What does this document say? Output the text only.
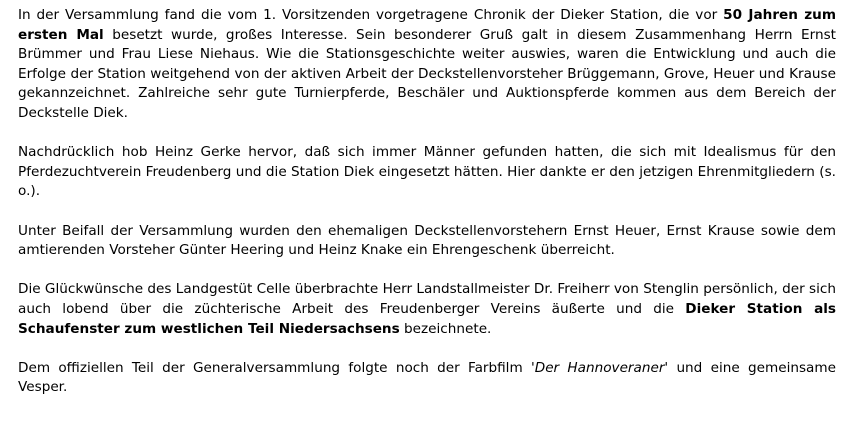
In der Versammlung fand die vom 1. Vorsitzenden vorgetragene Chronik der Dieker Station, die vor 50 Jahren zum ersten Mal besetzt wurde, großes Interesse. Sein besonderer Gruß galt in diesem Zusammenhang Herrn Ernst Brümmer und Frau Liese Niehaus. Wie die Stationsgeschichte weiter auswies, waren die Entwicklung und auch die Erfolge der Station weitgehend von der aktiven Arbeit der Deckstellenvorsteher Brüggemann, Grove, Heuer und Krause gekannzeichnet. Zahlreiche sehr gute Turnierpferde, Beschäler und Auktionspferde kommen aus dem Bereich der Deckstelle Diek.

Nachdrücklich hob Heinz Gerke hervor, daß sich immer Männer gefunden hatten, die sich mit Idealismus für den Pferdezuchtverein Freudenberg und die Station Diek eingesetzt hätten. Hier dankte er den jetzigen Ehrenmitgliedern (s. o.).

Unter Beifall der Versammlung wurden den ehemaligen Deckstellenvorstehern Ernst Heuer, Ernst Krause sowie dem amtierenden Vorsteher Günter Heering und Heinz Knake ein Ehrengeschenk überreicht.

Die Glückwünsche des Landgestüt Celle überbrachte Herr Landstallmeister Dr. Freiherr von Stenglin persönlich, der sich auch lobend über die züchterische Arbeit des Freudenberger Vereins äußerte und die Dieker Station als Schaufenster zum westlichen Teil Niedersachsens bezeichnete.

Dem offiziellen Teil der Generalversammlung folgte noch der Farbfilm 'Der Hannoveraner' und eine gemeinsame Vesper.
